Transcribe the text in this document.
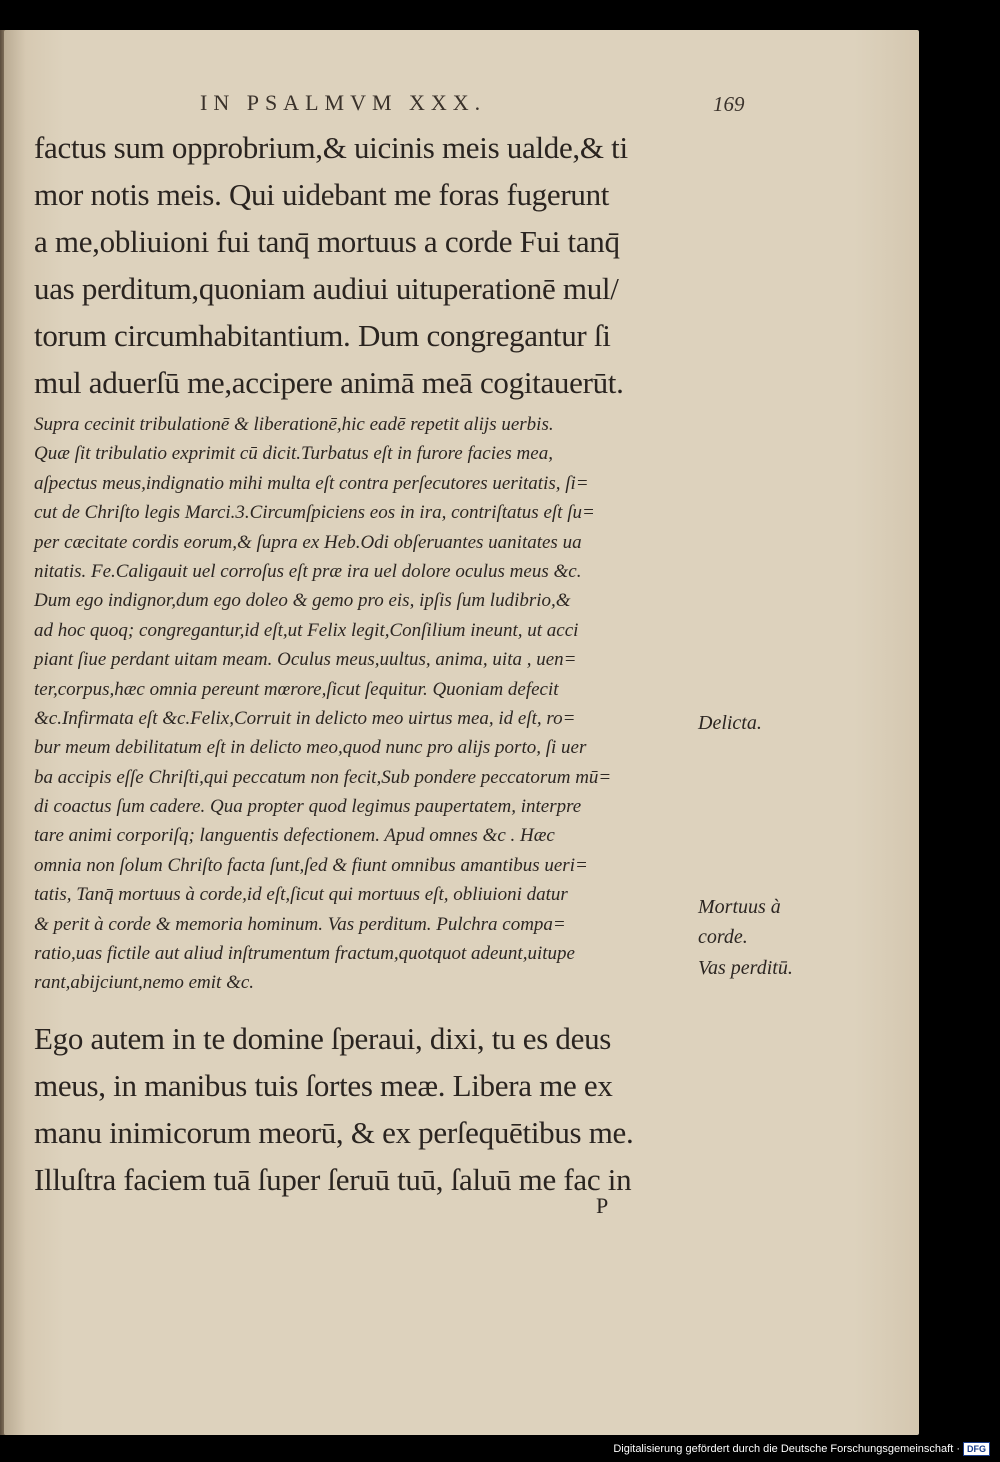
IN PSALMVM XXX.	169
factus sum opprobrium,& uicinis meis ualde,& ti
mor notis meis. Qui uidebant me foras fugerunt
a me,obliuioni fui tanq̄ mortuus a corde Fui tanq̄
uas perditum,quoniam audiui uituperationē mul/
torum circumhabitantium. Dum congregantur ſi
mul aduerſū me,accipere animā meā cogitauerūt.
Supra cecinit tribulationē & liberationē,hic eadē repetit alijs uerbis.
Quæ ſit tribulatio exprimit cū dicit.Turbatus eſt in furore facies mea,
aſpectus meus,indignatio mihi multa eſt contra perſecutores ueritatis, ſi=
cut de Chriſto legis Marci.3.Circumſpiciens eos in ira, contriſtatus eſt ſu=
per cæcitate cordis eorum,& ſupra ex Heb.Odi obſeruantes uanitates ua
nitatis. Fe.Caligauit uel corroſus eſt præ ira uel dolore oculus meus &c.
Dum ego indignor,dum ego doleo & gemo pro eis, ipſis ſum ludibrio,&
ad hoc quoq; congregantur,id eſt,ut Felix legit,Conſilium ineunt, ut acci
piant ſiue perdant uitam meam. Oculus meus,uultus, anima, uita , uen=
ter,corpus,hæc omnia pereunt mœrore,ſicut ſequitur. Quoniam defecit
&c.Infirmata eſt &c.Felix,Corruit in delicto meo uirtus mea, id eſt, ro=
bur meum debilitatum eſt in delicto meo,quod nunc pro alijs porto, ſi uer
ba accipis eſſe Chriſti,qui peccatum non fecit,Sub pondere peccatorum mū=
di coactus ſum cadere. Qua propter quod legimus paupertatem, interpre
tare animi corporiſq; languentis defectionem. Apud omnes &c . Hæc
omnia non ſolum Chriſto facta ſunt,ſed & fiunt omnibus amantibus ueri=
tatis, Tanq̄ mortuus à corde,id eſt,ſicut qui mortuus eſt, obliuioni datur
& perit à corde & memoria hominum. Vas perditum. Pulchra compa=
ratio,uas fictile aut aliud inſtrumentum fractum,quotquot adeunt,uitupe
rant,abijciunt,nemo emit &c.
Delicta.
Mortuus à
corde.
Vas perditū.
Ego autem in te domine ſperaui, dixi, tu es deus
meus, in manibus tuis ſortes meæ. Libera me ex
manu inimicorum meorū, & ex perſequētibus me.
Illuſtra faciem tuā ſuper ſeruū tuū, ſaluū me fac in
P
Digitalisierung gefördert durch die Deutsche Forschungsgemeinschaft · DFG
